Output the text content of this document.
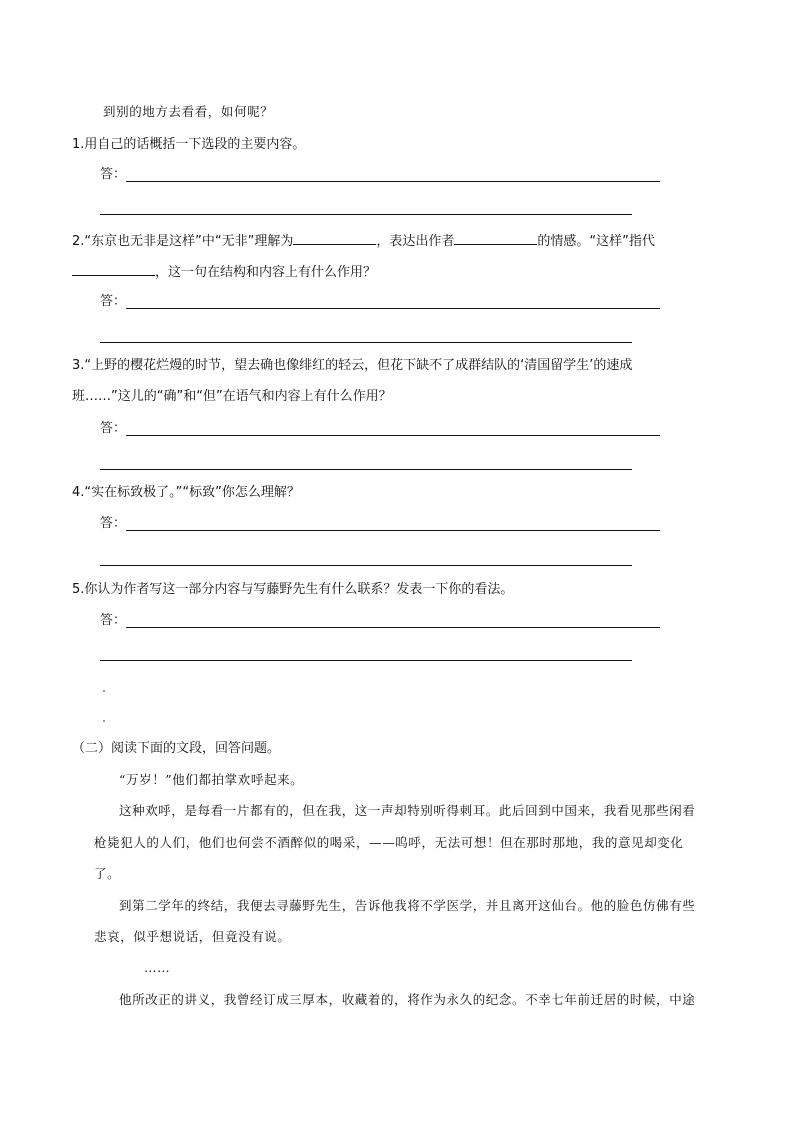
到别的地方去看看，如何呢？
1.用自己的话概括一下选段的主要内容。
答：
2.“东京也无非是这样”中“无非”理解为	，表达出作者	的情感。“这样”指代
，这一句在结构和内容上有什么作用？
答：
3.“上野的樱花烂熳的时节，望去确也像绯红的轻云，但花下缺不了成群结队的‘清国留学生’的速成
班……”这儿的“确”和“但”在语气和内容上有什么作用？
答：
4.“实在标致极了。”“标致”你怎么理解？
答：
5.你认为作者写这一部分内容与写藤野先生有什么联系？发表一下你的看法。
答：
（二）阅读下面的文段，回答问题。
“万岁！”他们都拍掌欢呼起来。
这种欢呼，是每看一片都有的，但在我，这一声却特别听得刺耳。此后回到中国来，我看见那些闲看
枪毙犯人的人们，他们也何尝不酒醉似的喝采，——呜呼，无法可想！但在那时那地，我的意见却变化
了。
到第二学年的终结，我便去寻藤野先生，告诉他我将不学医学，并且离开这仙台。他的脸色仿佛有些
悲哀，似乎想说话，但竟没有说。
……
他所改正的讲义，我曾经订成三厚本，收藏着的，将作为永久的纪念。不幸七年前迁居的时候，中途
